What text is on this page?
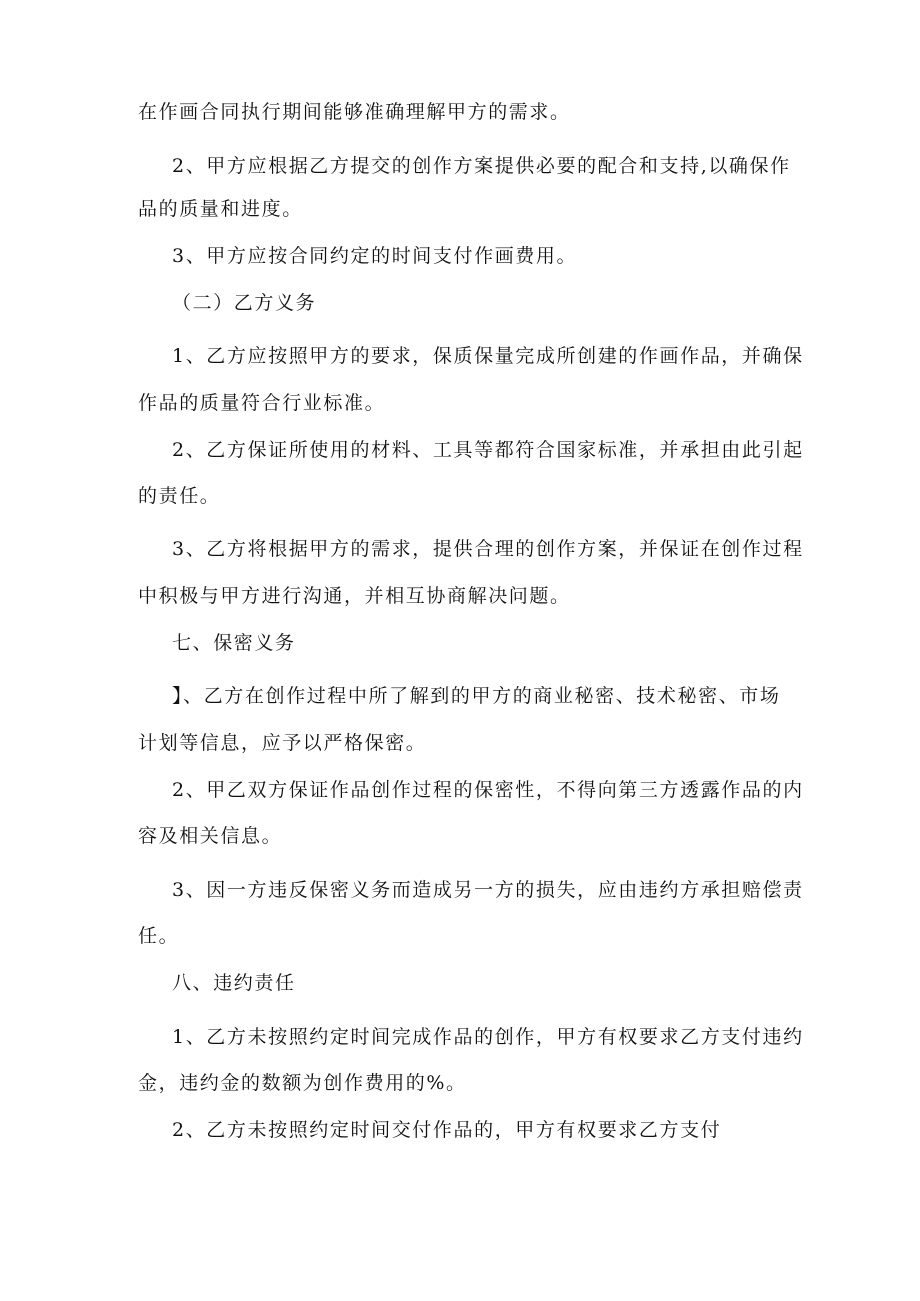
在作画合同执行期间能够准确理解甲方的需求。
2、甲方应根据乙方提交的创作方案提供必要的配合和支持,以确保作
品的质量和进度。
3、甲方应按合同约定的时间支付作画费用。
（二）乙方义务
1、乙方应按照甲方的要求，保质保量完成所创建的作画作品，并确保
作品的质量符合行业标准。
2、乙方保证所使用的材料、工具等都符合国家标准，并承担由此引起
的责任。
3、乙方将根据甲方的需求，提供合理的创作方案，并保证在创作过程
中积极与甲方进行沟通，并相互协商解决问题。
七、保密义务
】、乙方在创作过程中所了解到的甲方的商业秘密、技术秘密、市场
计划等信息，应予以严格保密。
2、甲乙双方保证作品创作过程的保密性，不得向第三方透露作品的内
容及相关信息。
3、因一方违反保密义务而造成另一方的损失，应由违约方承担赔偿责
任。
八、违约责任
1、乙方未按照约定时间完成作品的创作，甲方有权要求乙方支付违约
金，违约金的数额为创作费用的%。
2、乙方未按照约定时间交付作品的，甲方有权要求乙方支付
